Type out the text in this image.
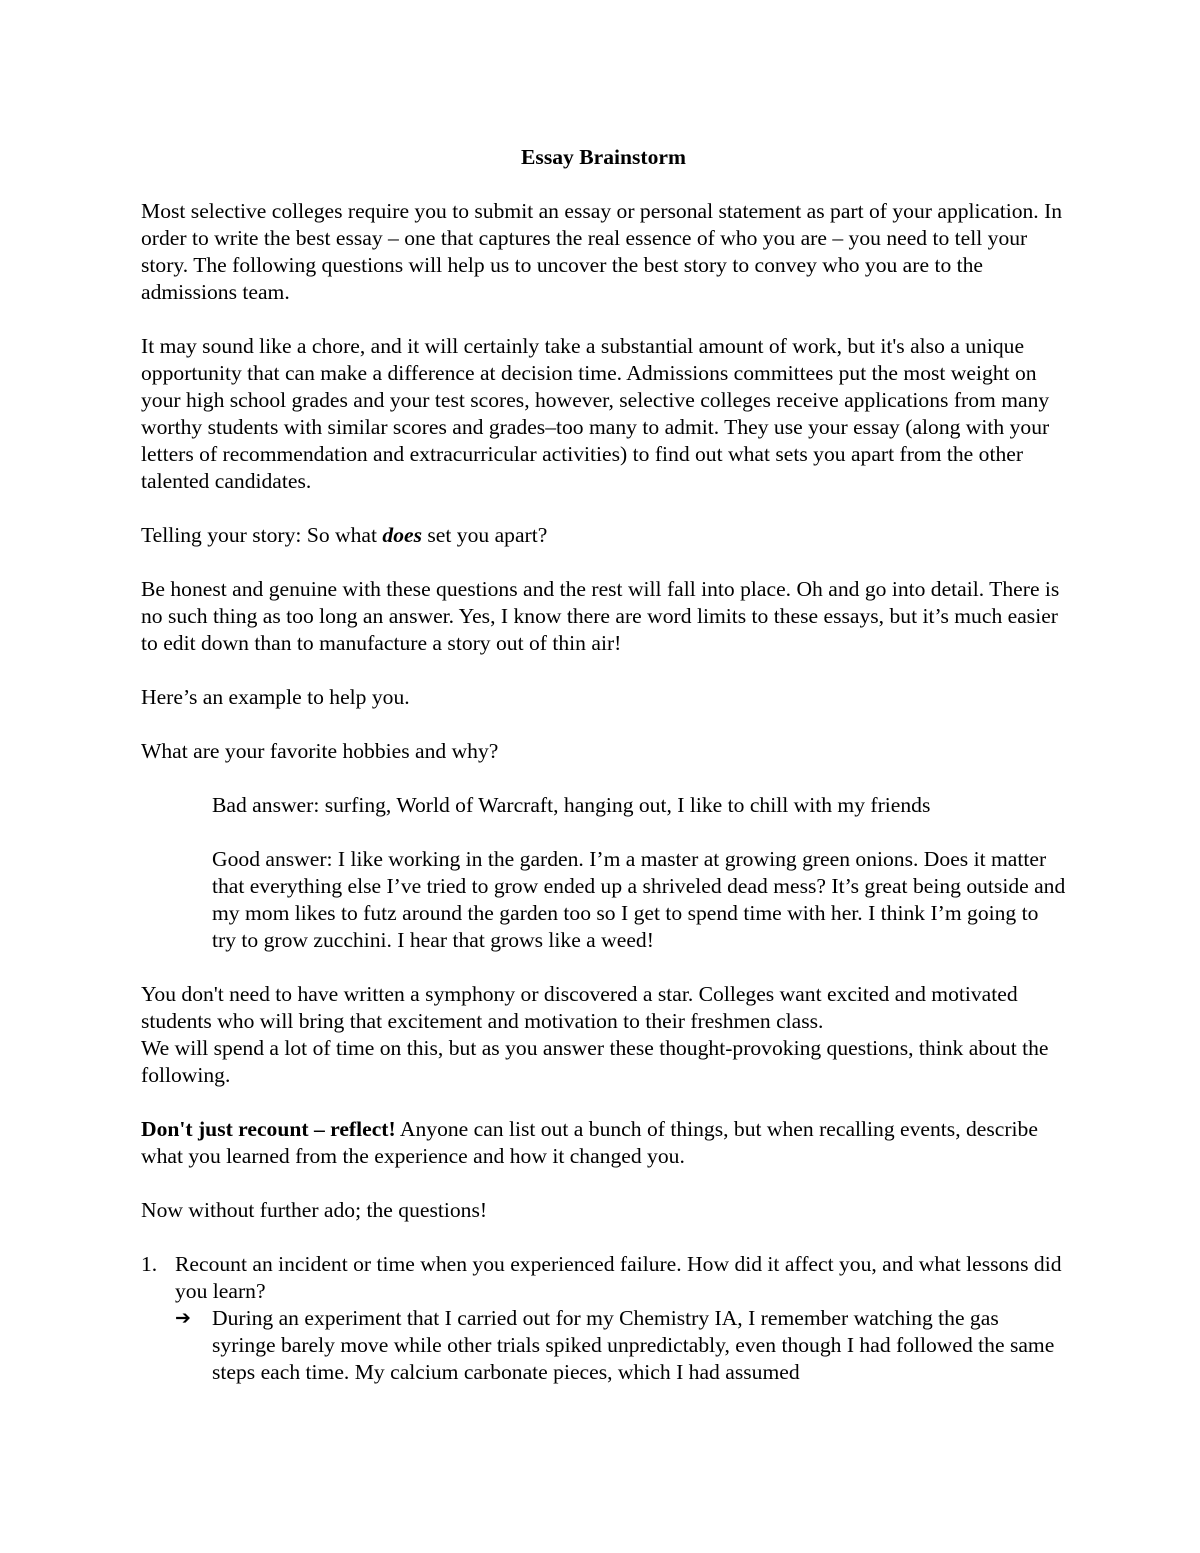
Essay Brainstorm

Most selective colleges require you to submit an essay or personal statement as part of your application. In order to write the best essay – one that captures the real essence of who you are – you need to tell your story. The following questions will help us to uncover the best story to convey who you are to the admissions team.

It may sound like a chore, and it will certainly take a substantial amount of work, but it's also a unique opportunity that can make a difference at decision time. Admissions committees put the most weight on your high school grades and your test scores, however, selective colleges receive applications from many worthy students with similar scores and grades–too many to admit. They use your essay (along with your letters of recommendation and extracurricular activities) to find out what sets you apart from the other talented candidates.

Telling your story: So what does set you apart?

Be honest and genuine with these questions and the rest will fall into place. Oh and go into detail. There is no such thing as too long an answer. Yes, I know there are word limits to these essays, but it’s much easier to edit down than to manufacture a story out of thin air!

Here’s an example to help you.

What are your favorite hobbies and why?

Bad answer: surfing, World of Warcraft, hanging out, I like to chill with my friends

Good answer: I like working in the garden. I’m a master at growing green onions. Does it matter that everything else I’ve tried to grow ended up a shriveled dead mess? It’s great being outside and my mom likes to futz around the garden too so I get to spend time with her. I think I’m going to try to grow zucchini. I hear that grows like a weed!

You don't need to have written a symphony or discovered a star. Colleges want excited and motivated students who will bring that excitement and motivation to their freshmen class.
We will spend a lot of time on this, but as you answer these thought-provoking questions, think about the following.

Don't just recount – reflect! Anyone can list out a bunch of things, but when recalling events, describe what you learned from the experience and how it changed you.

Now without further ado; the questions!

1. Recount an incident or time when you experienced failure. How did it affect you, and what lessons did you learn?
➔ During an experiment that I carried out for my Chemistry IA, I remember watching the gas syringe barely move while other trials spiked unpredictably, even though I had followed the same steps each time. My calcium carbonate pieces, which I had assumed
